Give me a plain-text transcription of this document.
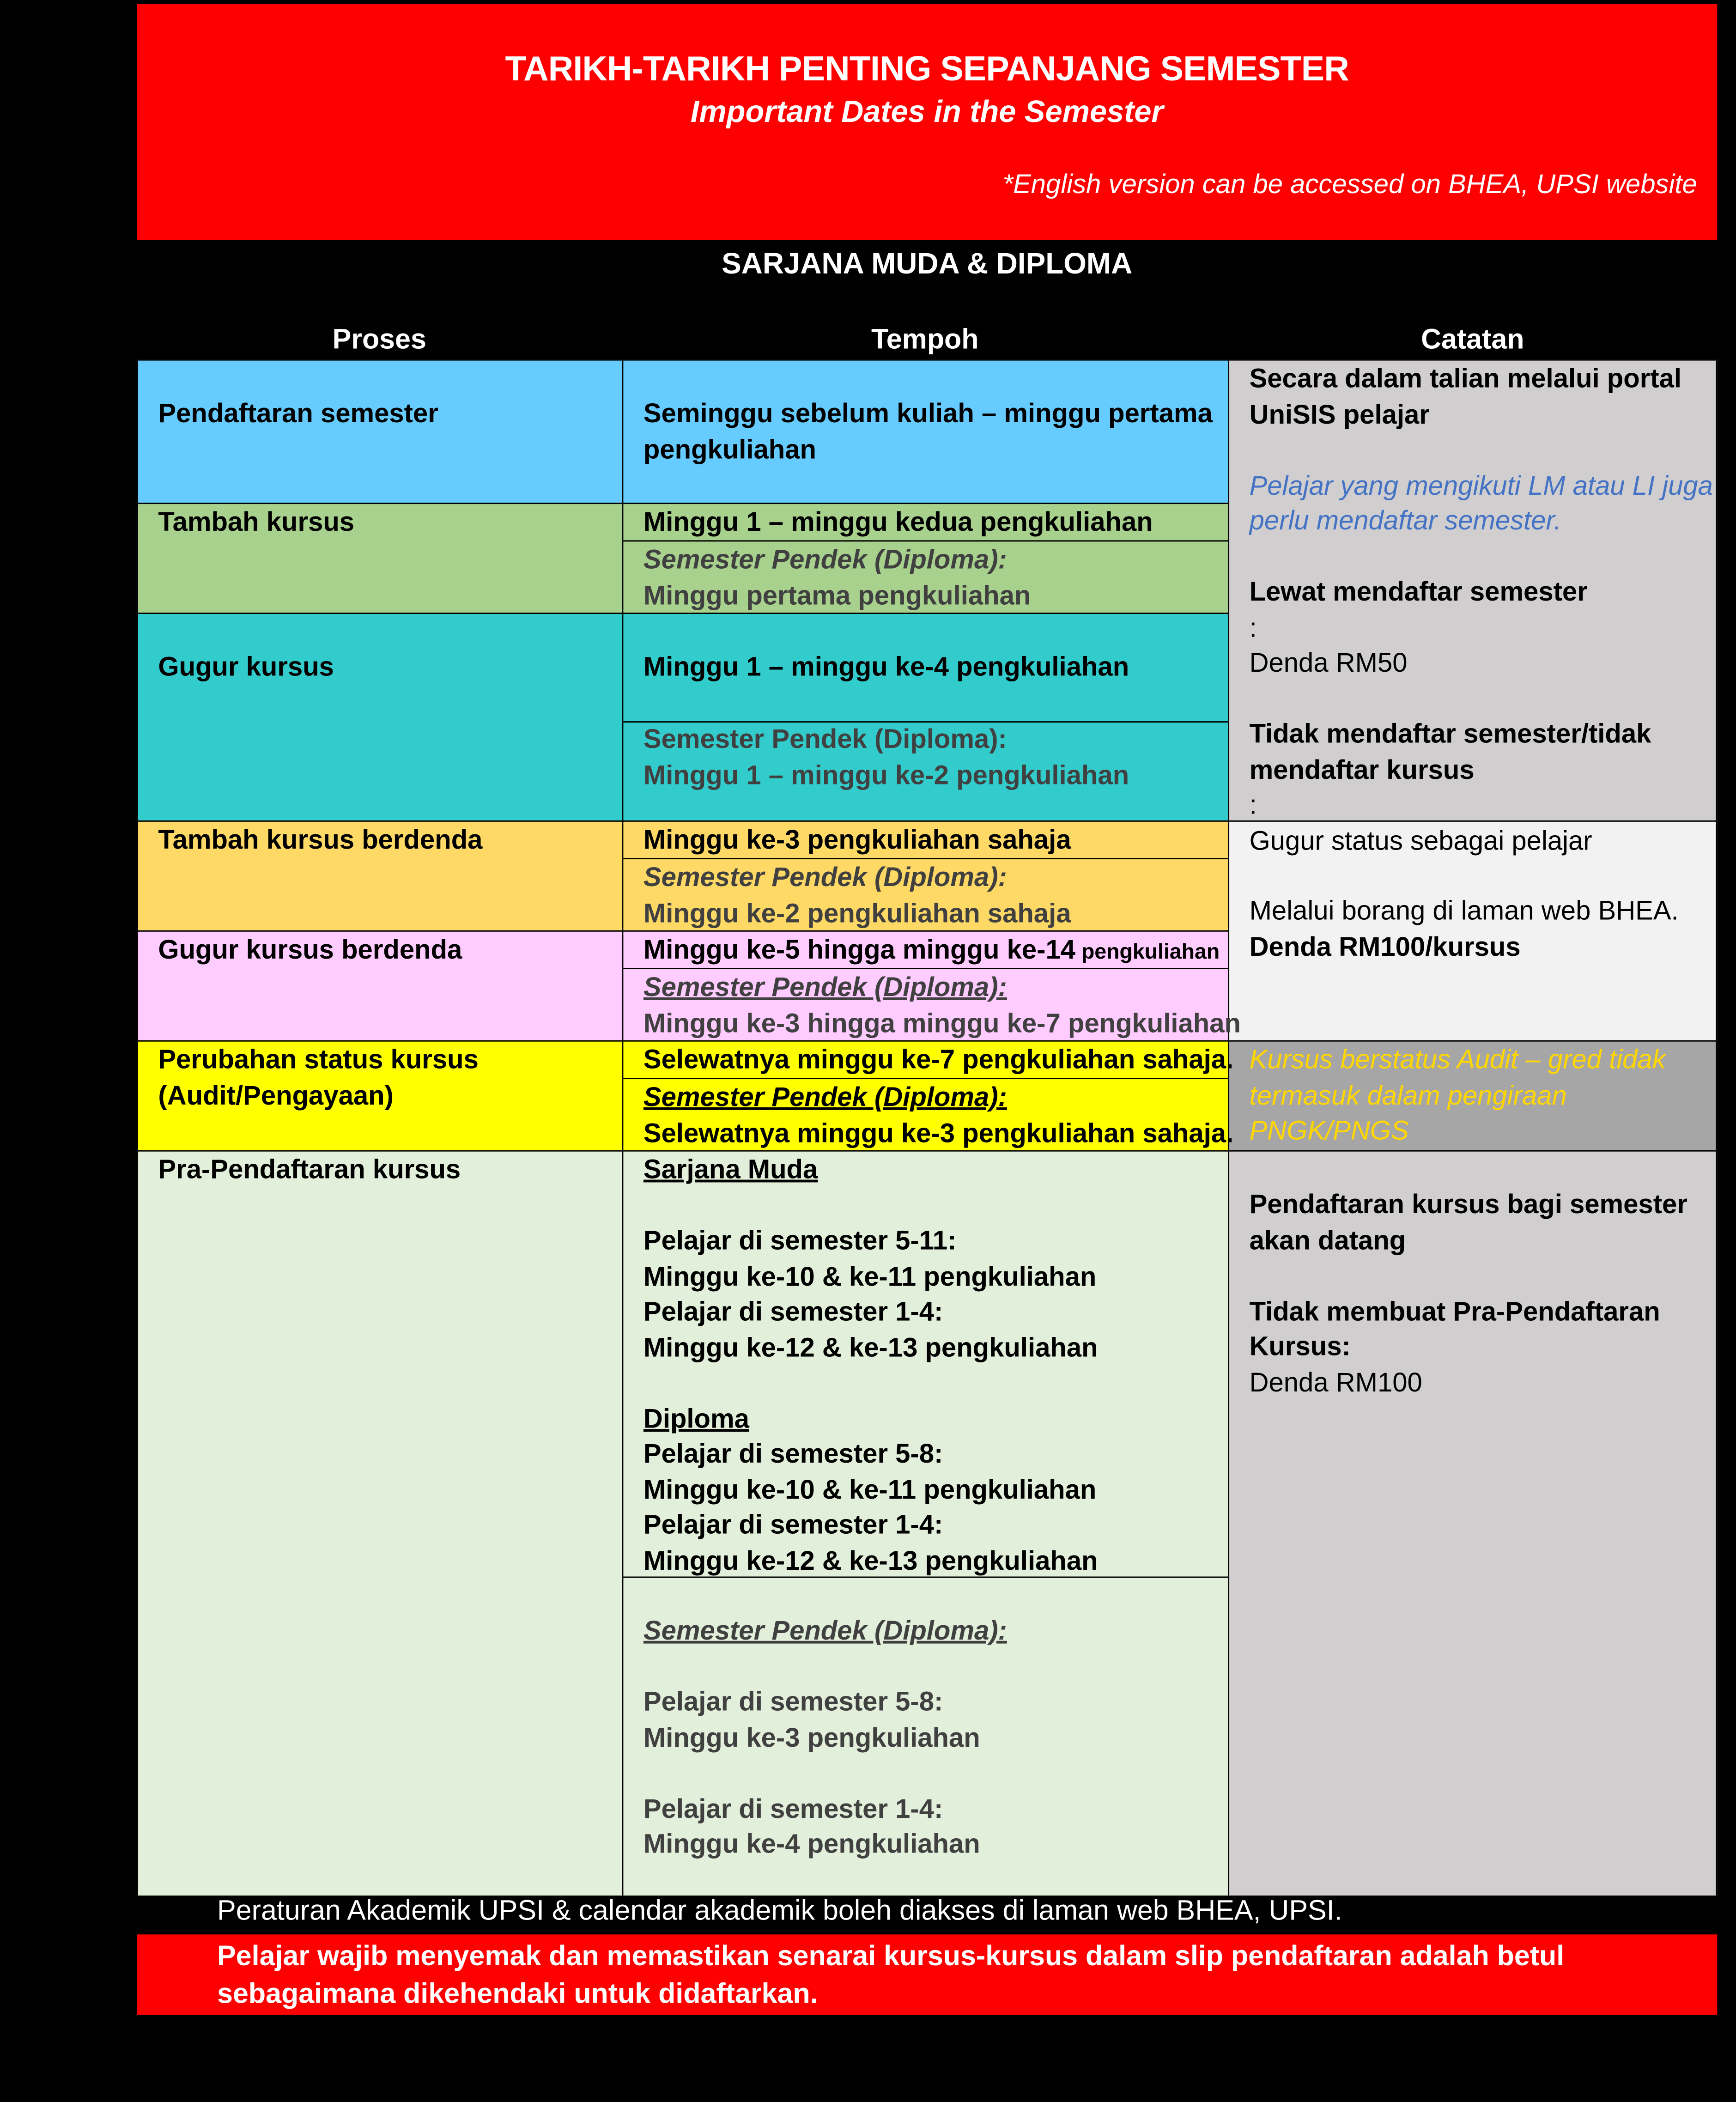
TARIKH-TARIKH PENTING SEPANJANG SEMESTER
Important Dates in the Semester
*English version can be accessed on BHEA, UPSI website
SARJANA MUDA & DIPLOMA
Proses	Tempoh	Catatan
Pendaftaran semester
Tambah kursus
Gugur kursus
Tambah kursus berdenda
Gugur kursus berdenda
Perubahan status kursus
(Audit/Pengayaan)
Pra-Pendaftaran kursus
Seminggu sebelum kuliah – minggu pertama
pengkuliahan
Minggu 1 – minggu kedua pengkuliahan
Semester Pendek (Diploma):
Minggu pertama pengkuliahan
Minggu 1 – minggu ke-4 pengkuliahan
Semester Pendek (Diploma):
Minggu 1 – minggu ke-2 pengkuliahan
Minggu ke-3 pengkuliahan sahaja
Semester Pendek (Diploma):
Minggu ke-2 pengkuliahan sahaja
Minggu ke-5 hingga minggu ke-14 pengkuliahan
Semester Pendek (Diploma):
Minggu ke-3 hingga minggu ke-7 pengkuliahan
Selewatnya minggu ke-7 pengkuliahan sahaja.
Semester Pendek (Diploma):
Selewatnya minggu ke-3 pengkuliahan sahaja.
Sarjana Muda

Pelajar di semester 5-11:
Minggu ke-10 & ke-11 pengkuliahan
Pelajar di semester 1-4:
Minggu ke-12 & ke-13 pengkuliahan

Diploma
Pelajar di semester 5-8:
Minggu ke-10 & ke-11 pengkuliahan
Pelajar di semester 1-4:
Minggu ke-12 & ke-13 pengkuliahan
Semester Pendek (Diploma):

Pelajar di semester 5-8:
Minggu ke-3 pengkuliahan

Pelajar di semester 1-4:
Minggu ke-4 pengkuliahan
Secara dalam talian melalui portal
UniSIS pelajar

Pelajar yang mengikuti LM atau LI juga
perlu mendaftar semester.

Lewat mendaftar semester
:
Denda RM50

Tidak mendaftar semester/tidak
mendaftar kursus
:
Gugur status sebagai pelajar
Melalui borang di laman web BHEA.
Denda RM100/kursus
Kursus berstatus Audit – gred tidak
termasuk dalam pengiraan
PNGK/PNGS
Pendaftaran kursus bagi semester
akan datang

Tidak membuat Pra-Pendaftaran
Kursus:
Denda RM100
Peraturan Akademik UPSI & calendar akademik boleh diakses di laman web BHEA, UPSI.
Pelajar wajib menyemak dan memastikan senarai kursus-kursus dalam slip pendaftaran adalah betul
sebagaimana dikehendaki untuk didaftarkan.
